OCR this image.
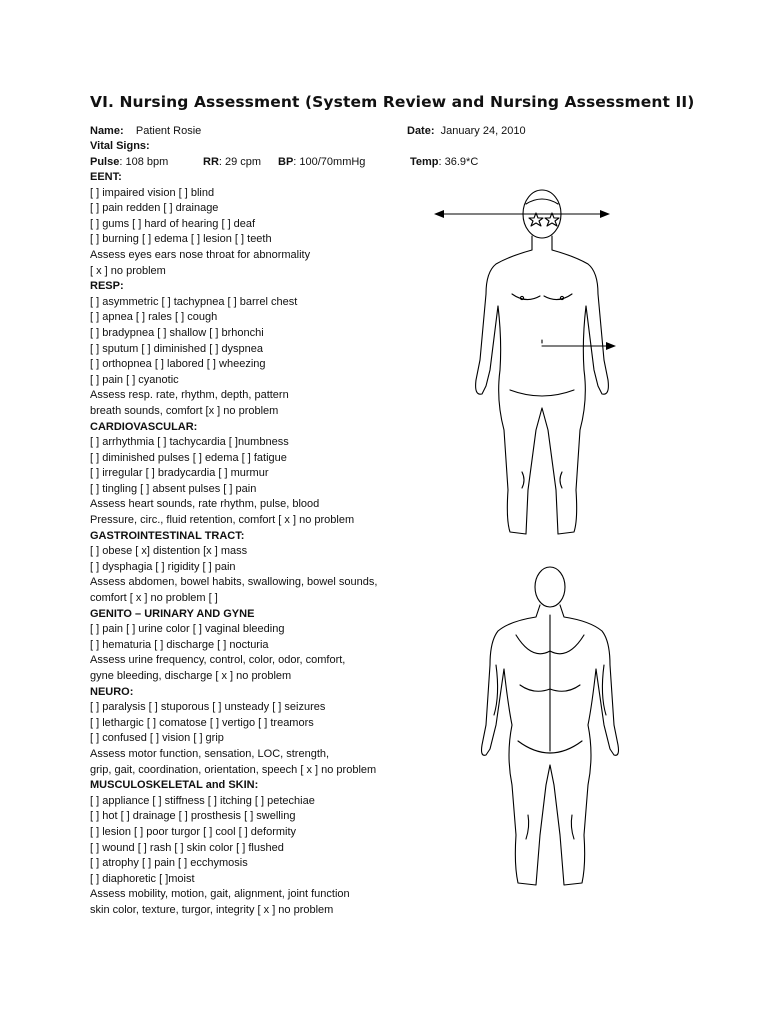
VI. Nursing Assessment (System Review and Nursing Assessment II)
Name: Patient Rosie	Date: January 24, 2010
Vital Signs:
Pulse: 108 bpm	RR: 29 cpm BP: 100/70mmHg	Temp: 36.9*C
EENT:
[ ] impaired vision [ ] blind
[ ] pain redden [ ] drainage
[ ] gums [ ] hard of hearing [ ] deaf
[ ] burning [ ] edema [ ] lesion [ ] teeth
Assess eyes ears nose throat for abnormality
[ x ] no problem
RESP:
[ ] asymmetric [ ] tachypnea [ ] barrel chest
[ ] apnea [ ] rales [ ] cough
[ ] bradypnea [ ] shallow [ ] brhonchi
[ ] sputum [ ] diminished [ ] dyspnea
[ ] orthopnea [ ] labored [ ] wheezing
[ ] pain [ ] cyanotic
Assess resp. rate, rhythm, depth, pattern
breath sounds, comfort [x ] no problem
CARDIOVASCULAR:
[ ] arrhythmia [ ] tachycardia [ ]numbness
[ ] diminished pulses [ ] edema [ ] fatigue
[ ] irregular [ ] bradycardia [ ] murmur
[ ] tingling [ ] absent pulses [ ] pain
Assess heart sounds, rate rhythm, pulse, blood
Pressure, circ., fluid retention, comfort [ x ] no problem
GASTROINTESTINAL TRACT:
[ ] obese [ x] distention [x ] mass
[ ] dysphagia [ ] rigidity [ ] pain
Assess abdomen, bowel habits, swallowing, bowel sounds,
comfort [ x ] no problem [ ]
GENITO – URINARY AND GYNE
[ ] pain [ ] urine color [ ] vaginal bleeding
[ ] hematuria [ ] discharge [ ] nocturia
Assess urine frequency, control, color, odor, comfort,
gyne bleeding, discharge [ x ] no problem
NEURO:
[ ] paralysis [ ] stuporous [ ] unsteady [ ] seizures
[ ] lethargic [ ] comatose [ ] vertigo [ ] treamors
[ ] confused [ ] vision [ ] grip
Assess motor function, sensation, LOC, strength,
grip, gait, coordination, orientation, speech [ x ] no problem
MUSCULOSKELETAL and SKIN:
[ ] appliance [ ] stiffness [ ] itching [ ] petechiae
[ ] hot [ ] drainage [ ] prosthesis [ ] swelling
[ ] lesion [ ] poor turgor [ ] cool [ ] deformity
[ ] wound [ ] rash [ ] skin color [ ] flushed
[ ] atrophy [ ] pain [ ] ecchymosis
[ ] diaphoretic [ ]moist
Assess mobility, motion, gait, alignment, joint function
skin color, texture, turgor, integrity [ x ] no problem
